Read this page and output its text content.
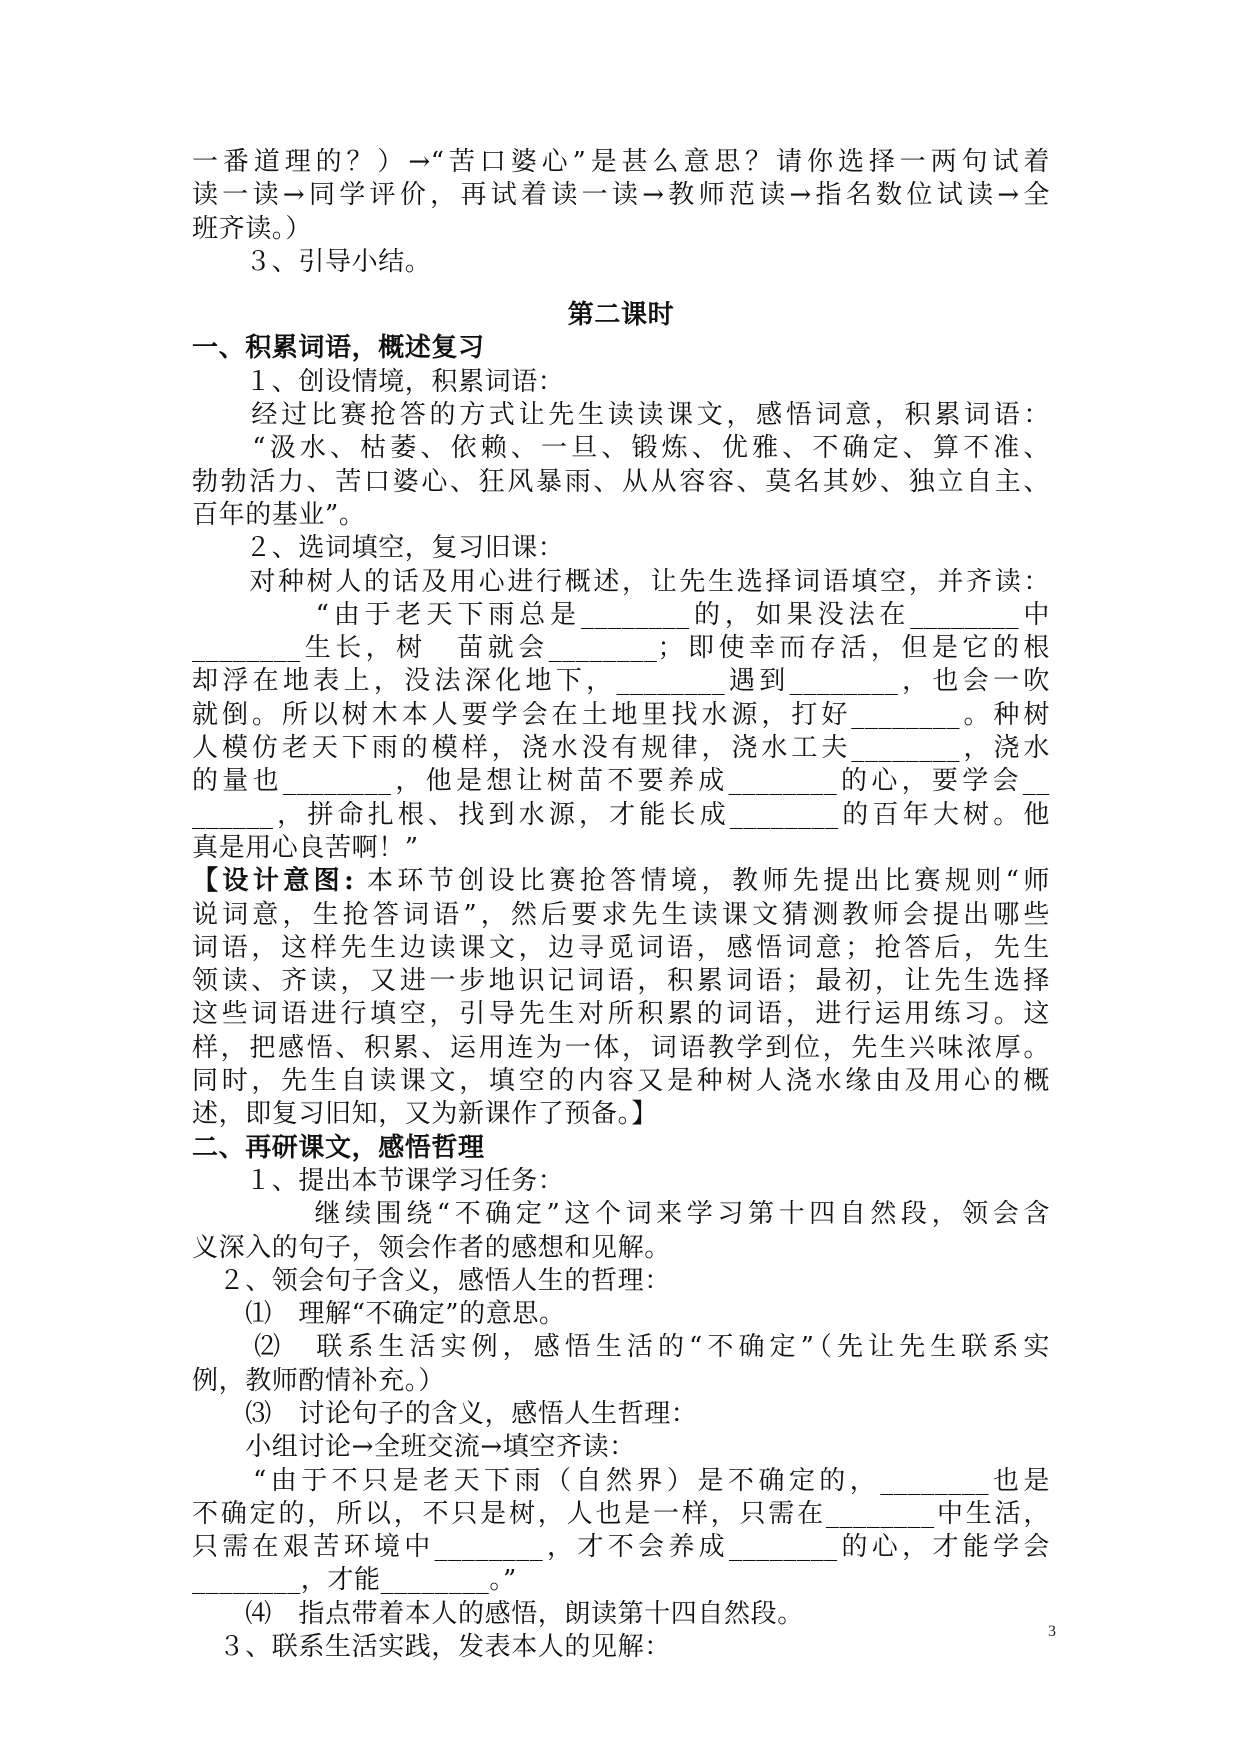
一番道理的？）→“苦口婆心”是甚么意思？请你选择一两句试着
读一读→同学评价，再试着读一读→教师范读→指名数位试读→全
班齐读。）
　　３、引导小结。
第二课时
一、积累词语，概述复习
　　１、创设情境，积累词语：
　　经过比赛抢答的方式让先生读读课文，感悟词意，积累词语：
　　“汲水、枯萎、依赖、一旦、锻炼、优雅、不确定、算不准、
勃勃活力、苦口婆心、狂风暴雨、从从容容、莫名其妙、独立自主、
百年的基业”。
　　２、选词填空，复习旧课：
　　对种树人的话及用心进行概述，让先生选择词语填空，并齐读：
　　　　“由于老天下雨总是________的，如果没法在________中
________生长，树　苗就会________；即使幸而存活，但是它的根
却浮在地表上，没法深化地下，________遇到________，也会一吹
就倒。所以树木本人要学会在土地里找水源，打好________。种树
人模仿老天下雨的模样，浇水没有规律，浇水工夫________，浇水
的量也________，他是想让树苗不要养成________的心，要学会__
______，拼命扎根、找到水源，才能长成________的百年大树。他
真是用心良苦啊！”
【设计意图: 本环节创设比赛抢答情境，教师先提出比赛规则“师
说词意，生抢答词语”，然后要求先生读课文猜测教师会提出哪些
词语，这样先生边读课文，边寻觅词语，感悟词意；抢答后，先生
领读、齐读，又进一步地识记词语，积累词语；最初，让先生选择
这些词语进行填空，引导先生对所积累的词语，进行运用练习。这
样，把感悟、积累、运用连为一体，词语教学到位，先生兴味浓厚。
同时，先生自读课文，填空的内容又是种树人浇水缘由及用心的概
述，即复习旧知，又为新课作了预备。】
二、再研课文，感悟哲理
　　１、提出本节课学习任务：
　　　　继续围绕“不确定”这个词来学习第十四自然段，领会含
义深入的句子，领会作者的感想和见解。
　２、领会句子含义，感悟人生的哲理：
　　⑴　理解“不确定”的意思。
　　⑵　联系生活实例，感悟生活的“不确定”（先让先生联系实
例，教师酌情补充。）
　　⑶　讨论句子的含义，感悟人生哲理：
　　小组讨论→全班交流→填空齐读：
　　“由于不只是老天下雨（自然界）是不确定的，________也是
不确定的，所以，不只是树，人也是一样，只需在________中生活，
只需在艰苦环境中________，才不会养成________的心，才能学会
________，才能________。”
　　⑷　指点带着本人的感悟，朗读第十四自然段。
　３、联系生活实践，发表本人的见解：
3
